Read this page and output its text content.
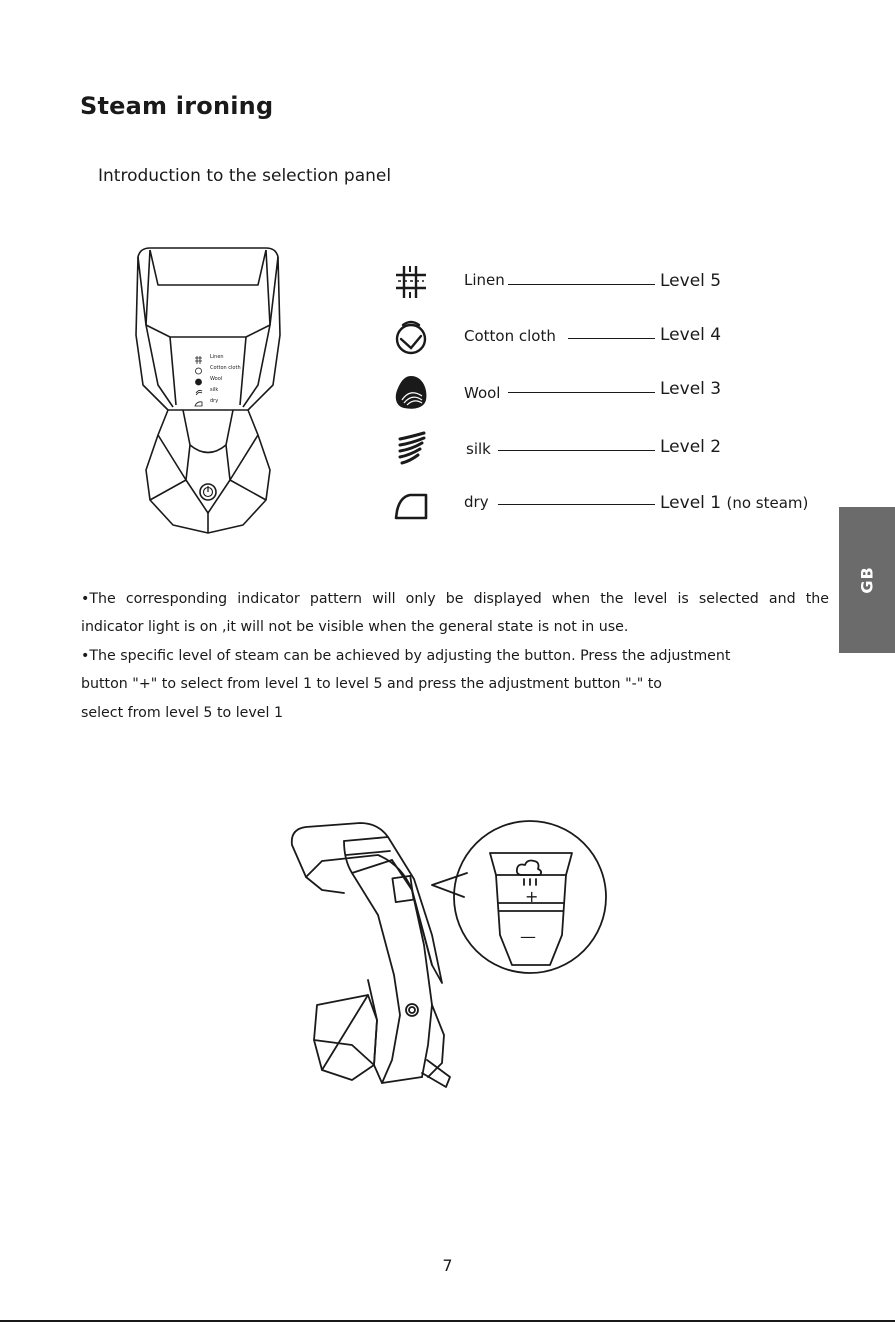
Steam ironing
Introduction to the selection panel
Linen
Cotton cloth
Wool
silk
dry
Linen	Level 5
Cotton cloth	Level 4
Wool	Level 3
silk	Level 2
dry	Level 1 (no steam)
GB
•The corresponding indicator pattern will only be displayed when the level is selected and the
indicator light is on ,it will not be visible when the general state is not in use.
•The specific level of steam can be achieved by adjusting the button. Press the adjustment
button "+" to select from level 1 to level 5 and press the adjustment button "-" to
select from level 5 to level 1
+
—
7
